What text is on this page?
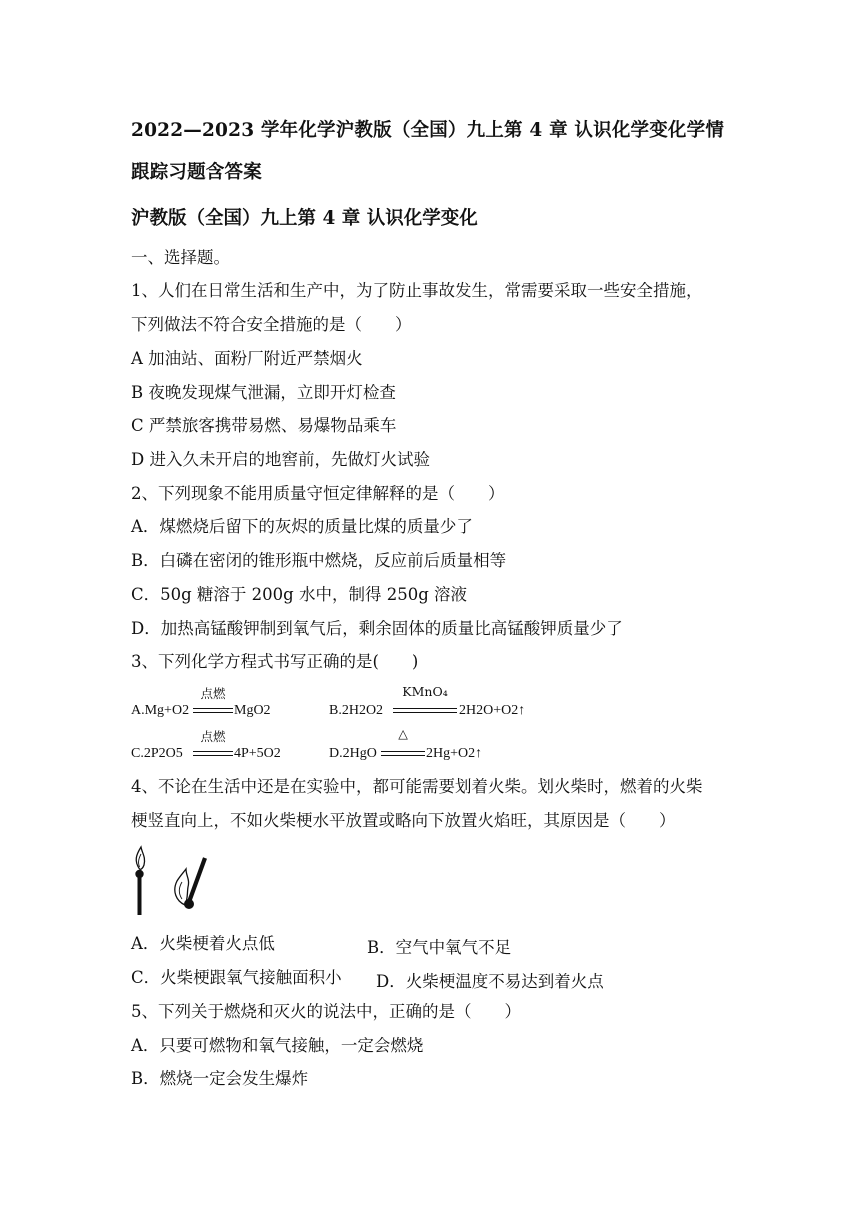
2022—2023 学年化学沪教版（全国）九上第 4 章 认识化学变化学情
跟踪习题含答案
沪教版（全国）九上第 4 章 认识化学变化
一、选择题。
1、人们在日常生活和生产中，为了防止事故发生，常需要采取一些安全措施，
下列做法不符合安全措施的是（　　）
A 加油站、面粉厂附近严禁烟火
B 夜晚发现煤气泄漏，立即开灯检查
C 严禁旅客携带易燃、易爆物品乘车
D 进入久未开启的地窖前，先做灯火试验
2、下列现象不能用质量守恒定律解释的是（　　）
A．煤燃烧后留下的灰烬的质量比煤的质量少了
B．白磷在密闭的锥形瓶中燃烧，反应前后质量相等
C．50g 糖溶于 200g 水中，制得 250g 溶液
D．加热高锰酸钾制到氧气后，剩余固体的质量比高锰酸钾质量少了
3、下列化学方程式书写正确的是(　　)
A.Mg+O2
点燃
MgO2	B.2H2O2
KMnO₄
2H2O+O2↑
C.2P2O5
点燃
4P+5O2	D.2HgO
△
2Hg+O2↑
4、不论在生活中还是在实验中，都可能需要划着火柴。划火柴时，燃着的火柴
梗竖直向上，不如火柴梗水平放置或略向下放置火焰旺，其原因是（　　）
A．火柴梗着火点低	B．空气中氧气不足
C．火柴梗跟氧气接触面积小 D．火柴梗温度不易达到着火点
5、下列关于燃烧和灭火的说法中，正确的是（　　）
A．只要可燃物和氧气接触，一定会燃烧
B．燃烧一定会发生爆炸
